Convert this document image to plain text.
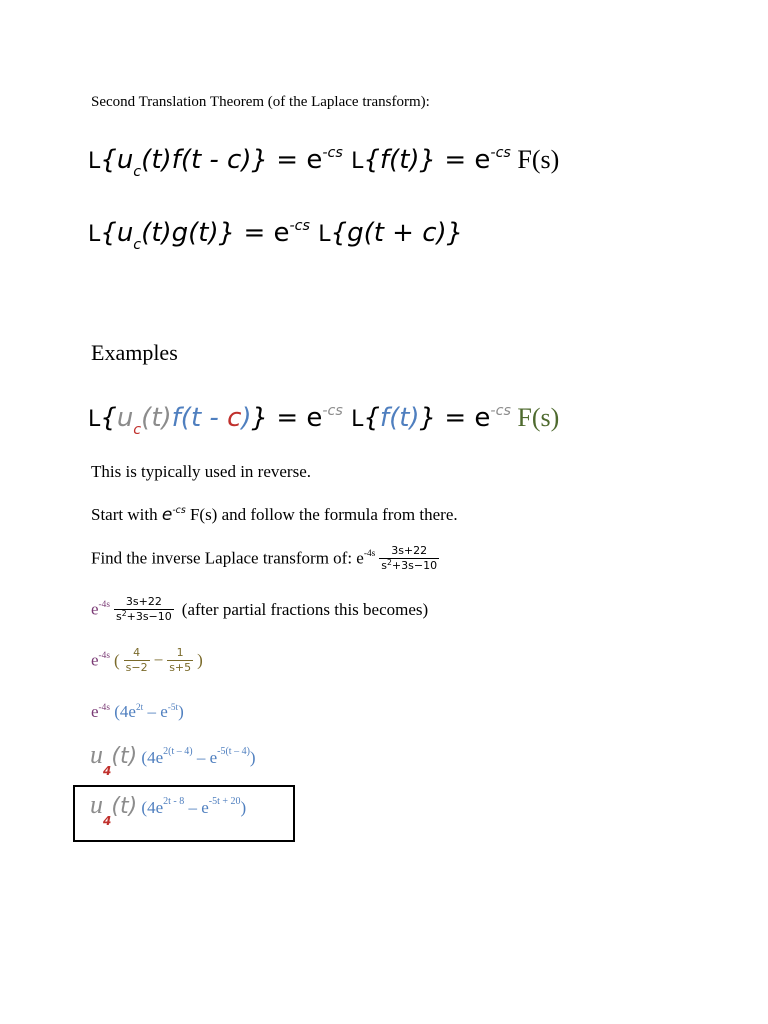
Second Translation Theorem (of the Laplace transform):
$L\{u_c(t)f(t - c)\} = e^{-cs}$ $L\{f(t)\} = e^{-cs}$ F(s)
$L\{u_c(t)g(t)\} = e^{-cs}$ L{g(t + c)}
Examples
$L\{u_c(t)f(t - c)\} = e^{-cs}$ $L\{f(t)\} = e^{-cs}$ F(s)
This is typically used in reverse.
Start with $e^{-cs}$ F(s) and follow the formula from there.
Find the inverse Laplace transform of: $e^{-4s} \frac{3s+22}{s^2+3s-10}$
$e^{-4s} \frac{3s+22}{s^2+3s-10}$ (after partial fractions this becomes)
$e^{-4s}$ ( $\frac{4}{s-2} - \frac{1}{s+5}$ )
$e^{-4s}$ $(4e^{2t} - e^{-5t})$
$u_4(t)$ $(4e^{2(t - 4)} - e^{-5(t - 4)})$
$u_4(t)$ $(4e^{2t - 8} - e^{-5t + 20})$
